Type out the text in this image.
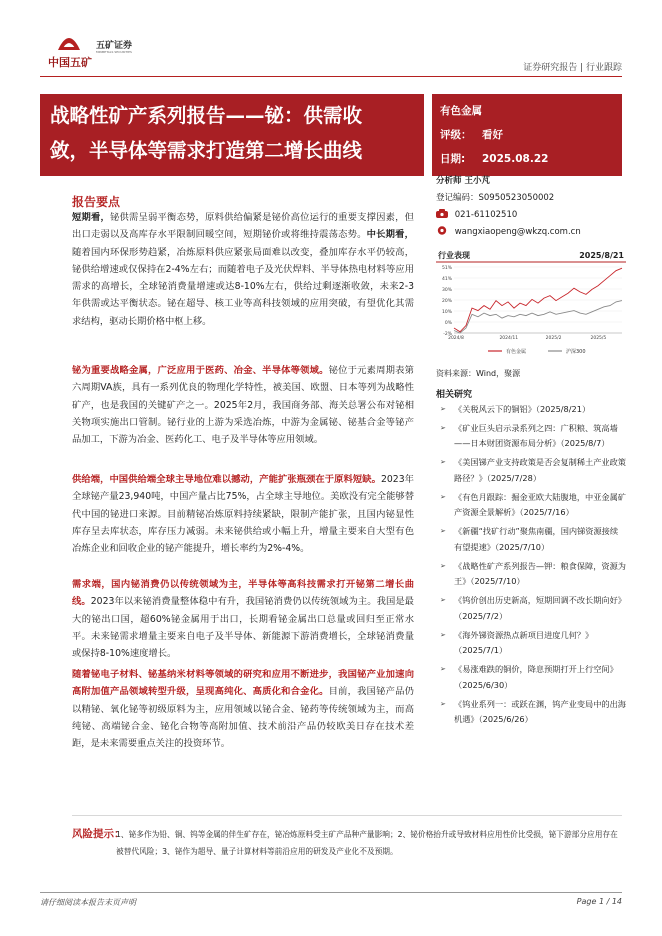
中国五矿
五矿证券
MINMETALS SECURITIES
证券研究报告 | 行业跟踪
战略性矿产系列报告——铋：供需收
敛，半导体等需求打造第二增长曲线
有色金属
评级： 看好
日期: 2025.08.22
报告要点
短期看，铋供需呈弱平衡态势，原料供给偏紧是铋价高位运行的重要支撑因素，但出口走弱以及高库存水平限制回暖空间，短期铋价或将维持震荡态势。中长期看，随着国内环保形势趋紧，冶炼原料供应紧张局面难以改变，叠加库存水平仍较高，铋供给增速或仅保持在2-4%左右；而随着电子及光伏焊料、半导体热电材料等应用需求的高增长，全球铋消费量增速或达8-10%左右，供给过剩逐渐收敛，未来2-3年供需或达平衡状态。铋在超导、核工业等高科技领域的应用突破，有望优化其需求结构，驱动长期价格中枢上移。
铋为重要战略金属，广泛应用于医药、冶金、半导体等领域。铋位于元素周期表第六周期VA族，具有一系列优良的物理化学特性，被美国、欧盟、日本等列为战略性矿产，也是我国的关键矿产之一。2025年2月，我国商务部、海关总署公布对铋相关物项实施出口管制。铋行业的上游为采选冶炼，中游为金属铋、铋基合金等铋产品加工，下游为冶金、医药化工、电子及半导体等应用领域。
供给端，中国供给端全球主导地位难以撼动，产能扩张瓶颈在于原料短缺。2023年全球铋产量23,940吨，中国产量占比75%，占全球主导地位。美欧没有完全能够替代中国的铋进口来源。目前精铋冶炼原料持续紧缺，限制产能扩张，且国内铋显性库存呈去库状态，库存压力减弱。未来铋供给或小幅上升，增量主要来自大型有色冶炼企业和回收企业的铋产能提升，增长率约为2%-4%。
需求端，国内铋消费仍以传统领域为主，半导体等高科技需求打开铋第二增长曲线。2023年以来铋消费量整体稳中有升，我国铋消费仍以传统领域为主。我国是最大的铋出口国，超60%铋金属用于出口，长期看铋金属出口总量或回归至正常水平。未来铋需求增量主要来自电子及半导体、新能源下游消费增长，全球铋消费量或保持8-10%速度增长。
随着铋电子材料、铋基纳米材料等领域的研究和应用不断进步，我国铋产业加速向高附加值产品领域转型升级，呈现高纯化、高质化和合金化。目前，我国铋产品仍以精铋、氧化铋等初级原料为主，应用领域以铋合金、铋药等传统领域为主，而高纯铋、高端铋合金、铋化合物等高附加值、技术前沿产品仍较欧美日存在技术差距，是未来需要重点关注的投资环节。
分析师 王小芃
登记编码：S0950523050002
021-61102510
wangxiaopeng@wkzq.com.cn
行业表现	2025/8/21
51%
41%
30%
20%
10%
0%
-2%
2024/8	2024/11	2025/2	2025/5
有色金属	沪深300
资料来源：Wind，聚源
相关研究
➢ 《关税风云下的铜铝》（2025/8/21）
➢ 《矿业巨头启示录系列之四：广积粮、筑高墙——日本财团资源布局分析》（2025/8/7）
➢ 《美国锑产业支持政策是否会复制稀土产业政策路径？》（2025/7/28）
➢ 《有色月跟踪：掘金亚欧大陆腹地，中亚金属矿产资源全景解析》（2025/7/16）
➢ 《新疆“找矿行动”聚焦南疆，国内锑资源接续有望提速》（2025/7/10）
➢ 《战略性矿产系列报告—钾：粮食保障，资源为王》（2025/7/10）
➢ 《钨价创出历史新高，短期回调不改长期向好》（2025/7/2）
➢ 《海外锑资源热点新项目进度几何？》（2025/7/1）
➢ 《易涨难跌的铜价，降息预期打开上行空间》（2025/6/30）
➢ 《钨业系列一：或跃在渊，钨产业变局中的出海机遇》（2025/6/26）
风险提示：
1、铋多作为铅、铜、钨等金属的伴生矿存在，铋冶炼原料受主矿产品种产量影响；2、铋价格抬升或导致材料应用性价比受损，铋下游部分应用存在被替代风险；3、铋作为超导、量子计算材料等前沿应用的研发及产业化不及预期。
请仔细阅读本报告末页声明	Page 1 / 14
